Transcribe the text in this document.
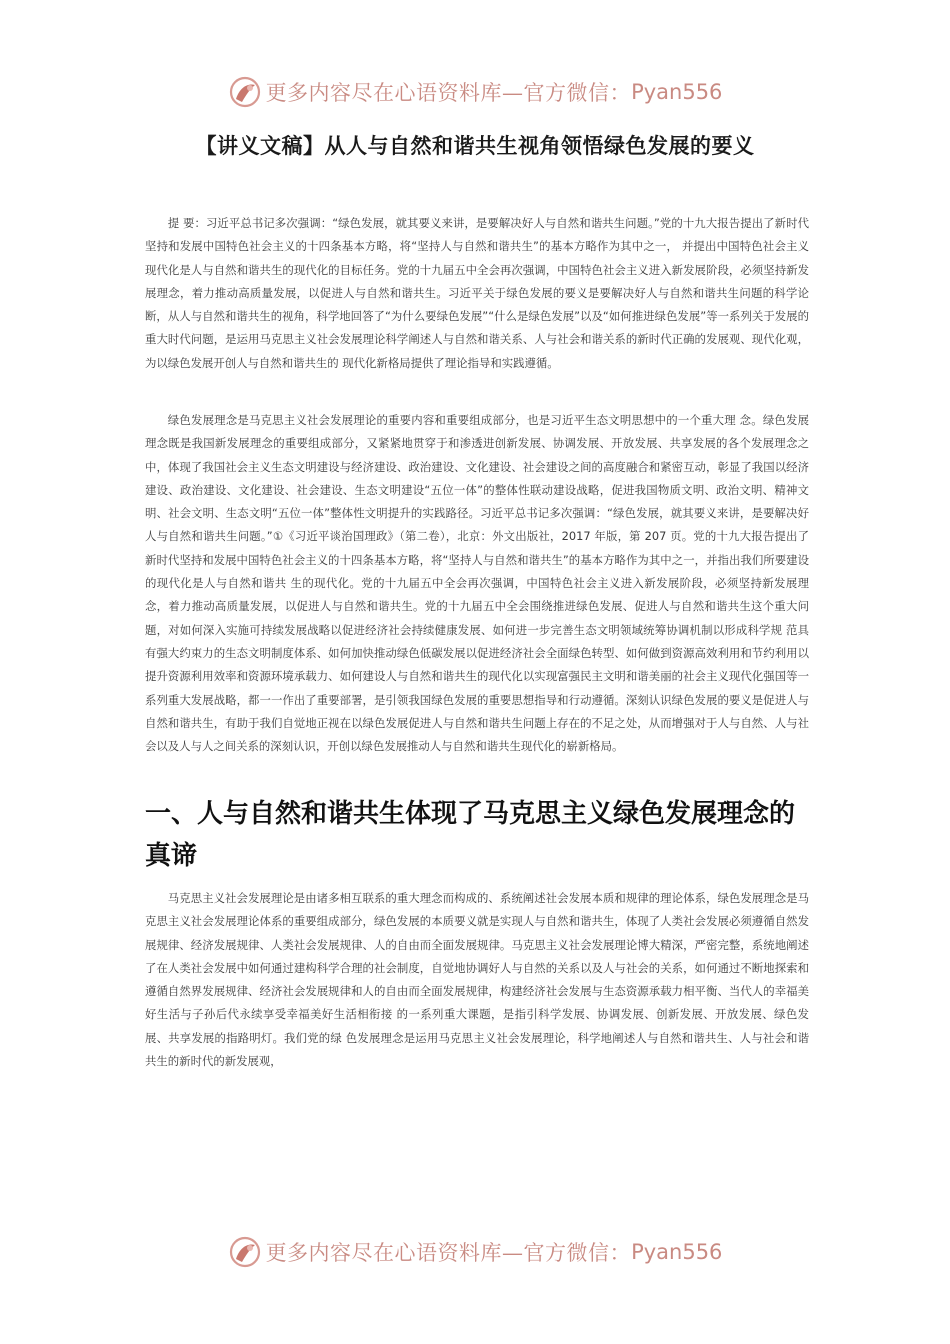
更多内容尽在心语资料库—官方微信： Pyan556
【讲义文稿】从人与自然和谐共生视角领悟绿色发展的要义

提 要：习近平总书记多次强调：“绿色发展，就其要义来讲，是要解决好人与自然和谐共生问题。”党的十九大报告提出了新时代坚持和发展中国特色社会主义的十四条基本方略，将“坚持人与自然和谐共生”的基本方略作为其中之一， 并提出中国特色社会主义现代化是人与自然和谐共生的现代化的目标任务。党的十九届五中全会再次强调，中国特色社会主义进入新发展阶段，必须坚持新发展理念，着力推动高质量发展，以促进人与自然和谐共生。习近平关于绿色发展的要义是要解决好人与自然和谐共生问题的科学论断，从人与自然和谐共生的视角，科学地回答了“为什么要绿色发展”“什么是绿色发展”以及“如何推进绿色发展”等一系列关于发展的重大时代问题，是运用马克思主义社会发展理论科学阐述人与自然和谐关系、人与社会和谐关系的新时代正确的发展观、现代化观，为以绿色发展开创人与自然和谐共生的 现代化新格局提供了理论指导和实践遵循。

绿色发展理念是马克思主义社会发展理论的重要内容和重要组成部分，也是习近平生态文明思想中的一个重大理 念。绿色发展理念既是我国新发展理念的重要组成部分，又紧紧地贯穿于和渗透进创新发展、协调发展、开放发展、共享发展的各个发展理念之中，体现了我国社会主义生态文明建设与经济建设、政治建设、文化建设、社会建设之间的高度融合和紧密互动，彰显了我国以经济建设、政治建设、文化建设、社会建设、生态文明建设“五位一体”的整体性联动建设战略，促进我国物质文明、政治文明、精神文明、社会文明、生态文明“五位一体”整体性文明提升的实践路径。习近平总书记多次强调：“绿色发展，就其要义来讲，是要解决好人与自然和谐共生问题。”①《习近平谈治国理政》（第二卷），北京：外文出版社，2017 年版，第 207 页。党的十九大报告提出了新时代坚持和发展中国特色社会主义的十四条基本方略，将“坚持人与自然和谐共生”的基本方略作为其中之一，并指出我们所要建设的现代化是人与自然和谐共 生的现代化。党的十九届五中全会再次强调，中国特色社会主义进入新发展阶段，必须坚持新发展理念，着力推动高质量发展，以促进人与自然和谐共生。党的十九届五中全会围绕推进绿色发展、促进人与自然和谐共生这个重大问题，对如何深入实施可持续发展战略以促进经济社会持续健康发展、如何进一步完善生态文明领域统筹协调机制以形成科学规 范具有强大约束力的生态文明制度体系、如何加快推动绿色低碳发展以促进经济社会全面绿色转型、如何做到资源高效利用和节约利用以提升资源利用效率和资源环境承载力、如何建设人与自然和谐共生的现代化以实现富强民主文明和谐美丽的社会主义现代化强国等一系列重大发展战略，都一一作出了重要部署，是引领我国绿色发展的重要思想指导和行动遵循。深刻认识绿色发展的要义是促进人与自然和谐共生，有助于我们自觉地正视在以绿色发展促进人与自然和谐共生问题上存在的不足之处，从而增强对于人与自然、人与社会以及人与人之间关系的深刻认识，开创以绿色发展推动人与自然和谐共生现代化的崭新格局。

一、人与自然和谐共生体现了马克思主义绿色发展理念的真谛

马克思主义社会发展理论是由诸多相互联系的重大理念而构成的、系统阐述社会发展本质和规律的理论体系，绿色发展理念是马克思主义社会发展理论体系的重要组成部分，绿色发展的本质要义就是实现人与自然和谐共生，体现了人类社会发展必须遵循自然发展规律、经济发展规律、人类社会发展规律、人的自由而全面发展规律。马克思主义社会发展理论博大精深，严密完整，系统地阐述了在人类社会发展中如何通过建构科学合理的社会制度，自觉地协调好人与自然的关系以及人与社会的关系，如何通过不断地探索和遵循自然界发展规律、经济社会发展规律和人的自由而全面发展规律，构建经济社会发展与生态资源承载力相平衡、当代人的幸福美好生活与子孙后代永续享受幸福美好生活相衔接 的一系列重大课题，是指引科学发展、协调发展、创新发展、开放发展、绿色发展、共享发展的指路明灯。我们党的绿 色发展理念是运用马克思主义社会发展理论，科学地阐述人与自然和谐共生、人与社会和谐共生的新时代的新发展观，

更多内容尽在心语资料库—官方微信： Pyan556
